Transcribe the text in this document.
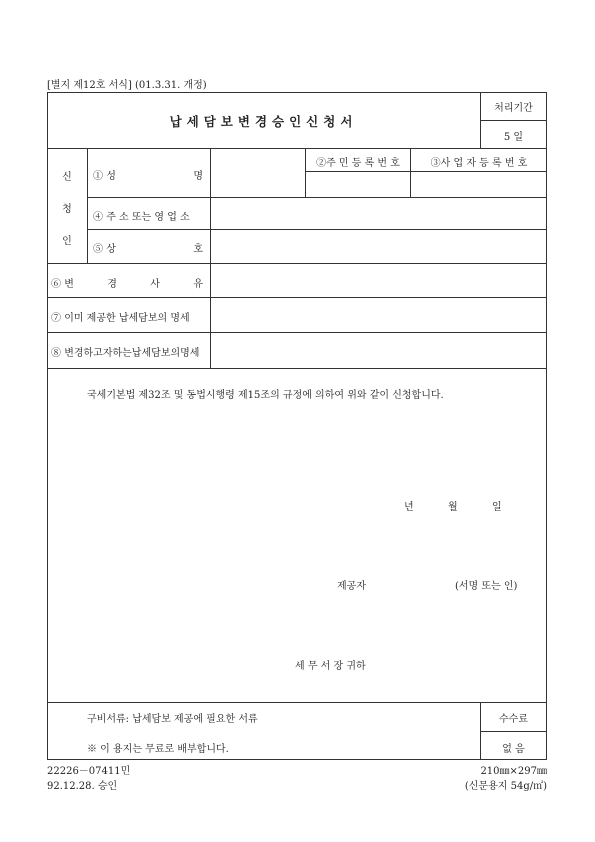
[별지 제12호 서식] (01.3.31. 개정)
납세담보변경승인신청서
처리기간
5 일
신
청
인
① 성	명
②주 민 등 록 번 호	③사 업 자 등 록 번 호
④ 주 소 또는 영 업 소
⑤ 상	호
⑥ 변	경	사	유
⑦ 이미 제공한 납세담보의 명세
⑧ 변경하고자하는납세담보의명세
국세기본법 제32조 및 동법시행령 제15조의 규정에 의하여 위와 같이 신청합니다.
년	월	일
제공자	(서명 또는 인)
세 무 서 장 귀하
구비서류: 납세담보 제공에 필요한 서류
※ 이 용지는 무료로 배부합니다.
수수료
없 음
22226－07411민
92.12.28. 승인
210㎜×297㎜
(신문용지 54g/㎡)
